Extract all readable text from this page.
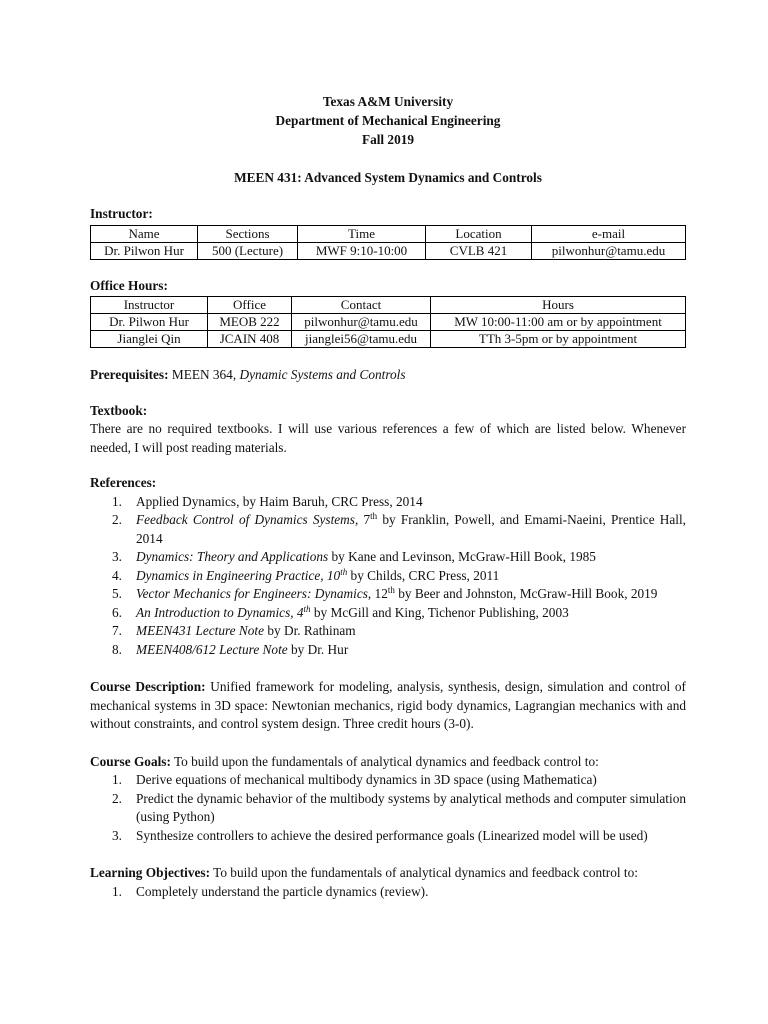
Texas A&M University
Department of Mechanical Engineering
Fall 2019
MEEN 431: Advanced System Dynamics and Controls
Instructor:
Name	Sections	Time	Location	e-mail
Dr. Pilwon Hur	500 (Lecture)	MWF 9:10-10:00	CVLB 421	pilwonhur@tamu.edu
Office Hours:
Instructor	Office	Contact	Hours
Dr. Pilwon Hur	MEOB 222	pilwonhur@tamu.edu	MW 10:00-11:00 am or by appointment
Jianglei Qin	JCAIN 408	jianglei56@tamu.edu	TTh 3-5pm or by appointment

Prerequisites: MEEN 364, Dynamic Systems and Controls

Textbook:

There are no required textbooks. I will use various references a few of which are listed below. Whenever needed, I will post reading materials.

References:
1. Applied Dynamics, by Haim Baruh, CRC Press, 2014
2. Feedback Control of Dynamics Systems, 7th by Franklin, Powell, and Emami-Naeini, Prentice Hall, 2014
3. Dynamics: Theory and Applications by Kane and Levinson, McGraw-Hill Book, 1985
4. Dynamics in Engineering Practice, 10th by Childs, CRC Press, 2011
5. Vector Mechanics for Engineers: Dynamics, 12th by Beer and Johnston, McGraw-Hill Book, 2019
6. An Introduction to Dynamics, 4th by McGill and King, Tichenor Publishing, 2003
7. MEEN431 Lecture Note by Dr. Rathinam
8. MEEN408/612 Lecture Note by Dr. Hur

Course Description: Unified framework for modeling, analysis, synthesis, design, simulation and control of mechanical systems in 3D space: Newtonian mechanics, rigid body dynamics, Lagrangian mechanics with and without constraints, and control system design. Three credit hours (3-0).

Course Goals: To build upon the fundamentals of analytical dynamics and feedback control to:

1. Derive equations of mechanical multibody dynamics in 3D space (using Mathematica)
2. Predict the dynamic behavior of the multibody systems by analytical methods and computer simulation (using Python)
3. Synthesize controllers to achieve the desired performance goals (Linearized model will be used)

Learning Objectives: To build upon the fundamentals of analytical dynamics and feedback control to:

1. Completely understand the particle dynamics (review).
